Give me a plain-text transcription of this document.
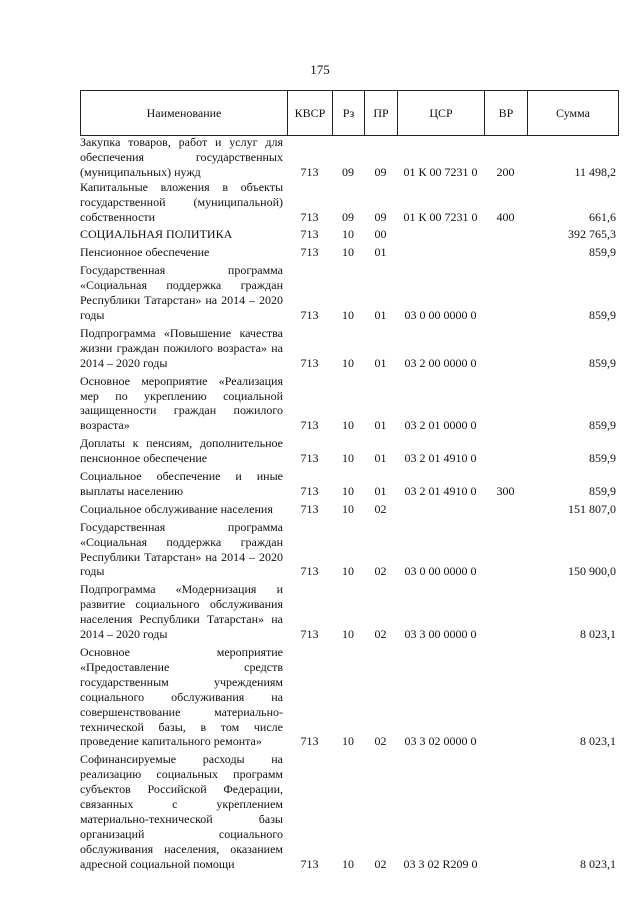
175
Наименование	КВСР	Рз	ПР	ЦСР	ВР	Сумма
Закупка товаров, работ и услуг для обеспечения государственных (муниципальных) нужд	713	09	09	01 К 00 7231 0	200	11 498,2
Капитальные вложения в объекты государственной (муниципальной) собственности	713	09	09	01 К 00 7231 0	400	661,6

СОЦИАЛЬНАЯ ПОЛИТИКА	713	10	00			392 765,3

Пенсионное обеспечение	713	10	01			859,9

Государственная программа «Социальная поддержка граждан Республики Татарстан» на 2014 – 2020 годы	713	10	01	03 0 00 0000 0		859,9

Подпрограмма «Повышение качества жизни граждан пожилого возраста» на 2014 – 2020 годы	713	10	01	03 2 00 0000 0		859,9

Основное мероприятие «Реализация мер по укреплению социальной защищенности граждан пожилого возраста»	713	10	01	03 2 01 0000 0		859,9

Доплаты к пенсиям, дополнительное пенсионное обеспечение	713	10	01	03 2 01 4910 0		859,9

Социальное обеспечение и иные выплаты населению	713	10	01	03 2 01 4910 0	300	859,9

Социальное обслуживание населения	713	10	02			151 807,0

Государственная программа «Социальная поддержка граждан Республики Татарстан» на 2014 – 2020 годы	713	10	02	03 0 00 0000 0		150 900,0

Подпрограмма «Модернизация и развитие социального обслуживания населения Республики Татарстан» на 2014 – 2020 годы	713	10	02	03 3 00 0000 0		8 023,1

Основное мероприятие «Предоставление средств государственным учреждениям социального обслуживания на совершенствование материально-технической базы, в том числе проведение капитального ремонта»	713	10	02	03 3 02 0000 0		8 023,1

Софинансируемые расходы на реализацию социальных программ субъектов Российской Федерации, связанных с укреплением материально-технической базы организаций социального обслуживания населения, оказанием адресной социальной помощи	713	10	02	03 3 02 R209 0		8 023,1
